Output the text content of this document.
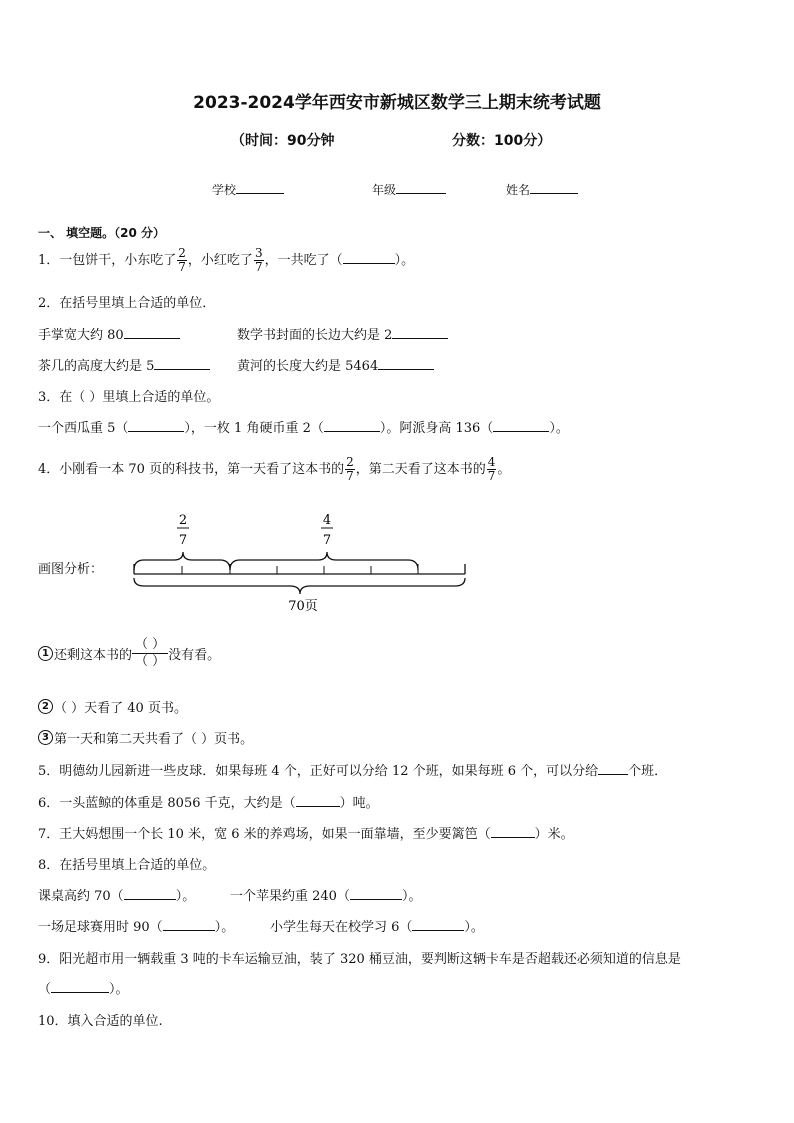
2023-2024学年西安市新城区数学三上期末统考试题
（时间：90分钟	分数：100分）
学校	年级	姓名
一、 填空题。（20 分）
1．一包饼干，小东吃了 $\frac{2}{7}$ ，小红吃了 $\frac{3}{7}$ ，一共吃了（	）。
2．在括号里填上合适的单位．
手掌宽大约 80	数学书封面的长边大约是 2
茶几的高度大约是 5	黄河的长度大约是 5464
3．在（ ）里填上合适的单位。
一个西瓜重 5（	），一枚 1 角硬币重 2（	）。阿派身高 136（	）。
4．小刚看一本 70 页的科技书，第一天看了这本书的 $\frac{2}{7}$ ，第二天看了这本书的 $\frac{4}{7}$ 。
画图分析：
2
7
4
7
70页
1 还剩这本书的
（ ）
（ ） 没有看。
2 （ ）天看了 40 页书。
3 第一天和第二天共看了（ ）页书。
5．明德幼儿园新进一些皮球．如果每班 4 个，正好可以分给 12 个班，如果每班 6 个，可以分给 个班．
6．一头蓝鲸的体重是 8056 千克，大约是（	）吨。
7．王大妈想围一个长 10 米，宽 6 米的养鸡场，如果一面靠墙，至少要篱笆（	）米。
8．在括号里填上合适的单位。
课桌高约 70（	）。	一个苹果约重 240（	）。
一场足球赛用时 90（	）。	小学生每天在校学习 6（	）。
9．阳光超市用一辆载重 3 吨的卡车运输豆油，装了 320 桶豆油，要判断这辆卡车是否超载还必须知道的信息是
（	）。
10．填入合适的单位.
